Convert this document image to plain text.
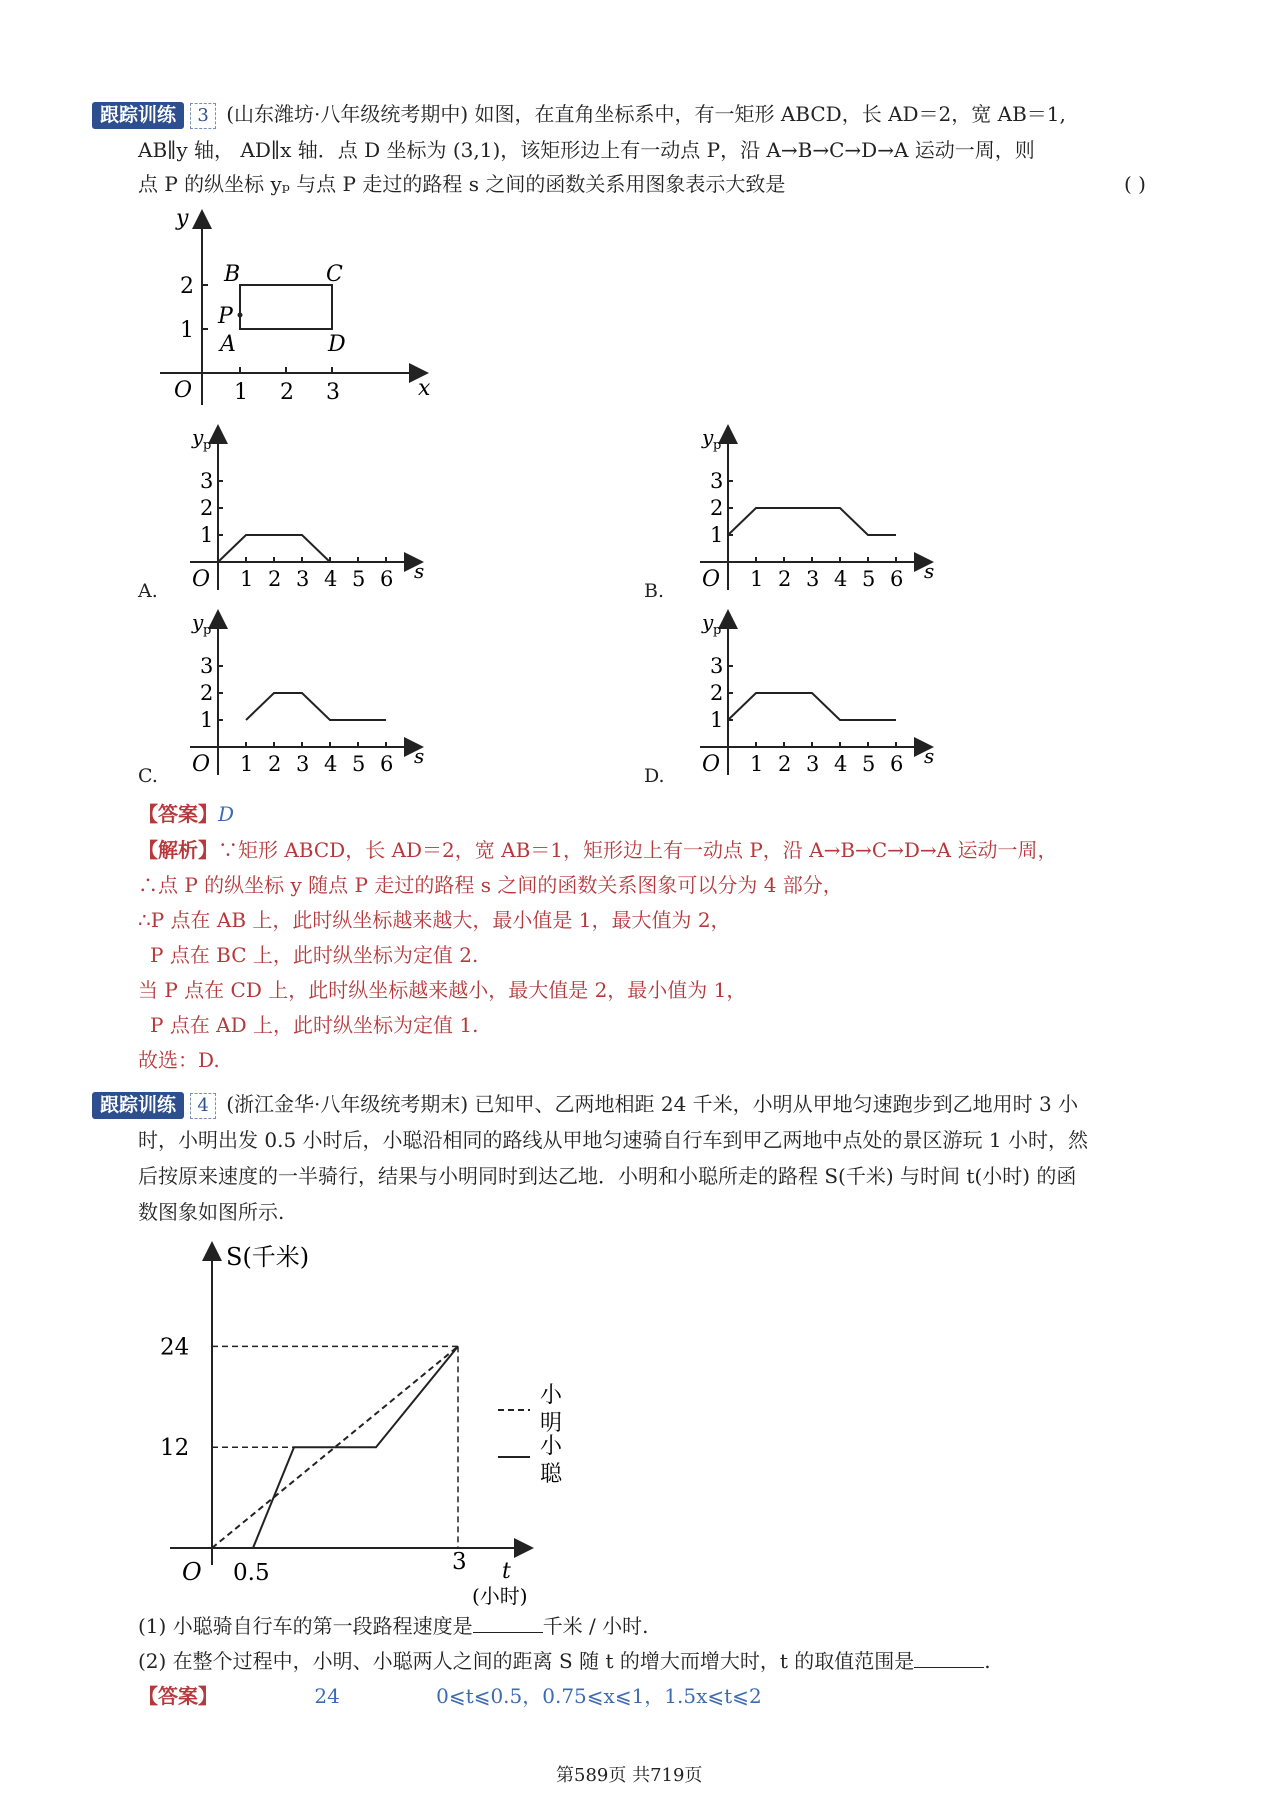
跟踪训练 3 (山东潍坊·八年级统考期中) 如图，在直角坐标系中，有一矩形 ABCD，长 AD＝2，宽 AB＝1,
AB∥y 轴， AD∥x 轴．点 D 坐标为 (3,1)，该矩形边上有一动点 P，沿 A→B→C→D→A 运动一周，则
点 P 的纵坐标 yₚ 与点 P 走过的路程 s 之间的函数关系用图象表示大致是	( )
y
x
O
1
2
1 2 3
B	C
P
A	D
y p
s
O 1 2 3 4 5 6
1
2
3
A.
y p
s
O 1 2 3 4 5 6
1
2
3
B.
y p
s
O 1 2 3 4 5 6
1
2
3
C.
y p
s
O 1 2 3 4 5 6
1
2
3
D.
【答案】D
【解析】∵矩形 ABCD，长 AD＝2，宽 AB＝1，矩形边上有一动点 P，沿 A→B→C→D→A 运动一周，
∴点 P 的纵坐标 y 随点 P 走过的路程 s 之间的函数关系图象可以分为 4 部分，
∴P 点在 AB 上，此时纵坐标越来越大，最小值是 1，最大值为 2，
P 点在 BC 上，此时纵坐标为定值 2.
当 P 点在 CD 上，此时纵坐标越来越小，最大值是 2，最小值为 1，
P 点在 AD 上，此时纵坐标为定值 1.
故选：D.
跟踪训练 4 (浙江金华·八年级统考期末) 已知甲、乙两地相距 24 千米，小明从甲地匀速跑步到乙地用时 3 小
时，小明出发 0.5 小时后，小聪沿相同的路线从甲地匀速骑自行车到甲乙两地中点处的景区游玩 1 小时，然
后按原来速度的一半骑行，结果与小明同时到达乙地．小明和小聪所走的路程 S(千米) 与时间 t(小时) 的函
数图象如图所示.
S(千米)
O	t
(小时)
24
12
0.5	3
小明
小聪
(1) 小聪骑自行车的第一段路程速度是	千米 / 小时.
(2) 在整个过程中，小明、小聪两人之间的距离 S 随 t 的增大而增大时，t 的取值范围是	.
【答案】	24	0⩽t⩽0.5，0.75⩽x⩽1，1.5x⩽t⩽2
第589页 共719页
